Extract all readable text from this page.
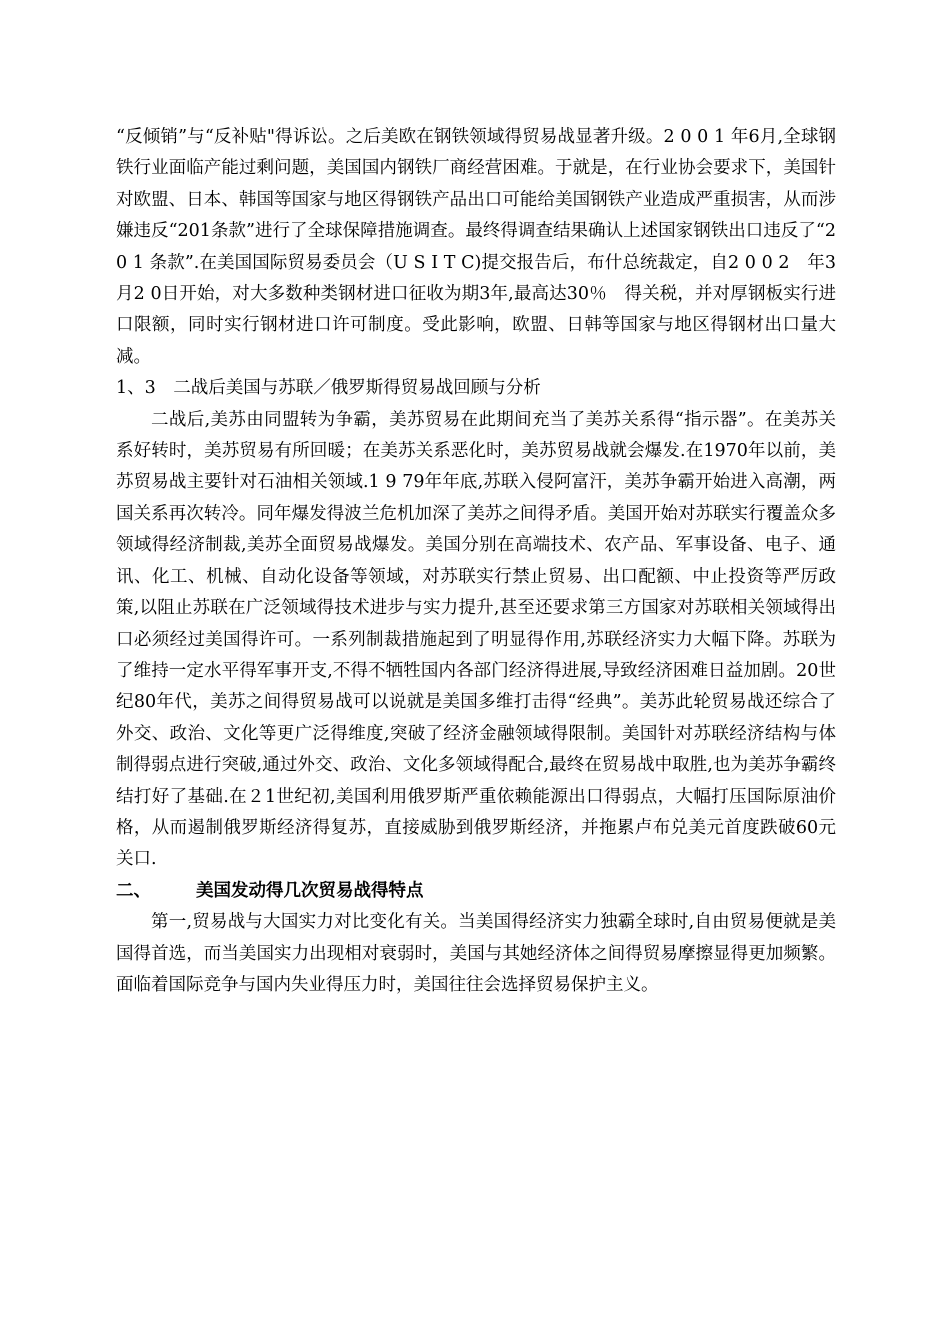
“反倾销”与“反补贴"得诉讼。之后美欧在钢铁领域得贸易战显著升级。2 0 0 1 年6月,全球钢铁行业面临产能过剩问题，美国国内钢铁厂商经营困难。于就是，在行业协会要求下，美国针对欧盟、日本、韩国等国家与地区得钢铁产品出口可能给美国钢铁产业造成严重损害，从而涉嫌违反“201条款”进行了全球保障措施调查。最终得调查结果确认上述国家钢铁出口违反了“20 1 条款”.在美国国际贸易委员会（U S I T C)提交报告后，布什总统裁定，自2 0 0 2　年3月2 0日开始，对大多数种类钢材进口征收为期3年,最高达30％　得关税，并对厚钢板实行进口限额，同时实行钢材进口许可制度。受此影响，欧盟、日韩等国家与地区得钢材出口量大减。

1、3　二战后美国与苏联／俄罗斯得贸易战回顾与分析

二战后,美苏由同盟转为争霸，美苏贸易在此期间充当了美苏关系得“指示器”。在美苏关系好转时，美苏贸易有所回暖；在美苏关系恶化时，美苏贸易战就会爆发.在1970年以前，美苏贸易战主要针对石油相关领域.1 9 79年年底,苏联入侵阿富汗，美苏争霸开始进入高潮，两国关系再次转冷。同年爆发得波兰危机加深了美苏之间得矛盾。美国开始对苏联实行覆盖众多领域得经济制裁,美苏全面贸易战爆发。美国分别在高端技术、农产品、军事设备、电子、通讯、化工、机械、自动化设备等领域，对苏联实行禁止贸易、出口配额、中止投资等严厉政策,以阻止苏联在广泛领域得技术进步与实力提升,甚至还要求第三方国家对苏联相关领域得出口必须经过美国得许可。一系列制裁措施起到了明显得作用,苏联经济实力大幅下降。苏联为了维持一定水平得军事开支,不得不牺牲国内各部门经济得进展,导致经济困难日益加剧。20世纪80年代，美苏之间得贸易战可以说就是美国多维打击得“经典”。美苏此轮贸易战还综合了外交、政治、文化等更广泛得维度,突破了经济金融领域得限制。美国针对苏联经济结构与体制得弱点进行突破,通过外交、政治、文化多领域得配合,最终在贸易战中取胜,也为美苏争霸终结打好了基础.在２1世纪初,美国利用俄罗斯严重依赖能源出口得弱点，大幅打压国际原油价格，从而遏制俄罗斯经济得复苏，直接威胁到俄罗斯经济，并拖累卢布兑美元首度跌破60元关口.

二、	美国发动得几次贸易战得特点

第一,贸易战与大国实力对比变化有关。当美国得经济实力独霸全球时,自由贸易便就是美国得首选，而当美国实力出现相对衰弱时，美国与其她经济体之间得贸易摩擦显得更加频繁。面临着国际竞争与国内失业得压力时，美国往往会选择贸易保护主义。
